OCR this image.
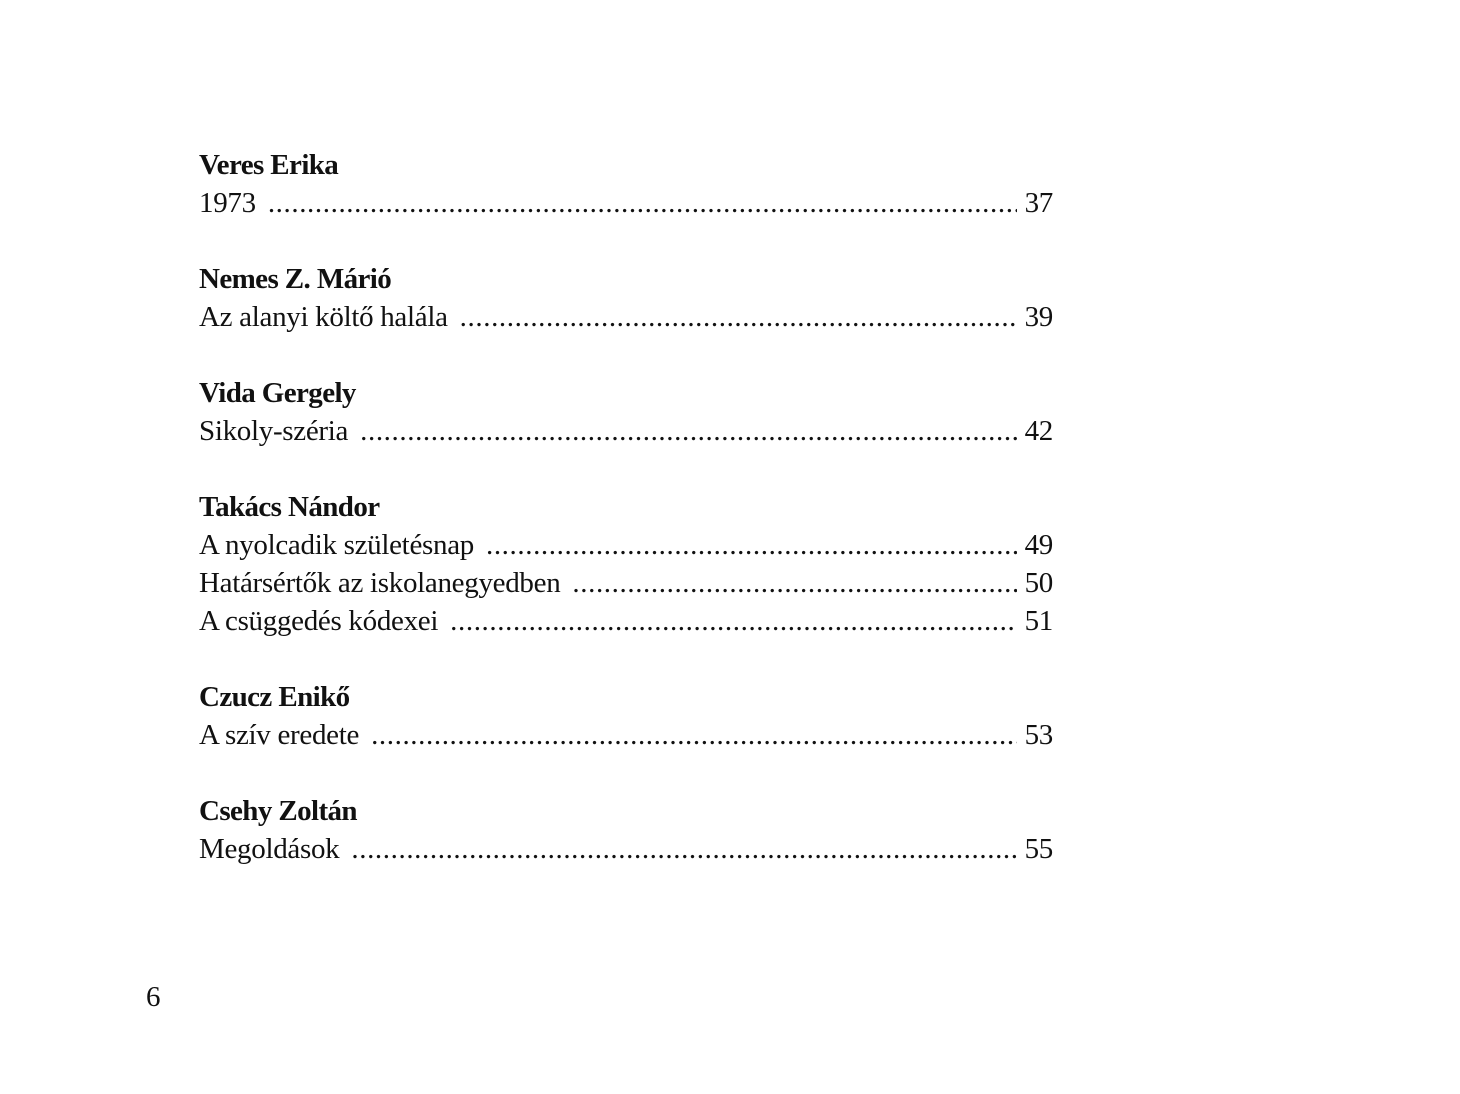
Veres Erika
1973 .....	37
Nemes Z. Márió
Az alanyi költő halála .....	39
Vida Gergely
Sikoly-széria .....	42
Takács Nándor
A nyolcadik születésnap .....	49
Határsértők az iskolanegyedben .....	50
A csüggedés kódexei .....	51
Czucz Enikő
A szív eredete .....	53
Csehy Zoltán
Megoldások .....	55
6
